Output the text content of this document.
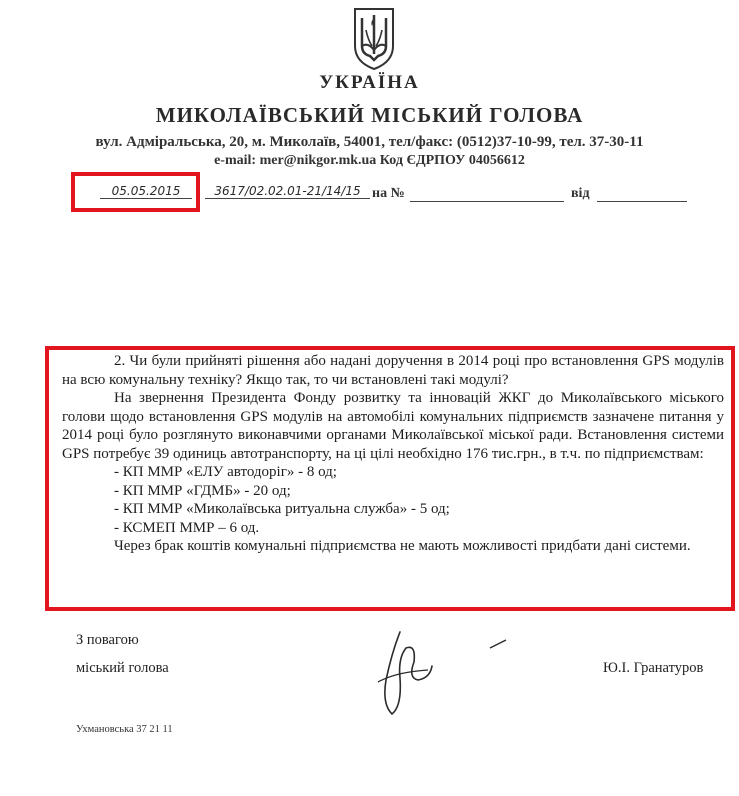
УКРАЇНА
МИКОЛАЇВСЬКИЙ МІСЬКИЙ ГОЛОВА
вул. Адміральська, 20, м. Миколаїв, 54001, тел/факс: (0512)37-10-99, тел. 37-30-11
e-mail: mer@nikgor.mk.ua Код ЄДРПОУ 04056612
05.05.2015	3617/02.02.01-21/14/15 на №	від

2. Чи були прийняті рішення або надані доручення в 2014 році про встановлення GPS модулів на всю комунальну техніку? Якщо так, то чи встановлені такі модулі?

На звернення Президента Фонду розвитку та інновацій ЖКГ до Миколаївського міського голови щодо встановлення GPS модулів на автомобілі комунальних підприємств зазначене питання у 2014 році було розглянуто виконавчими органами Миколаївської міської ради. Встановлення системи GPS потребує 39 одиниць автотранспорту, на ці цілі необхідно 176 тис.грн., в т.ч. по підприємствам:

- КП ММР «ЕЛУ автодоріг» - 8 од;

- КП ММР «ГДМБ» - 20 од;

- КП ММР «Миколаївська ритуальна служба» - 5 од;

- КСМЕП ММР – 6 од.

Через брак коштів комунальні підприємства не мають можливості придбати дані системи.

З повагою
міський голова	Ю.І. Гранатуров
Ухмановська 37 21 11
